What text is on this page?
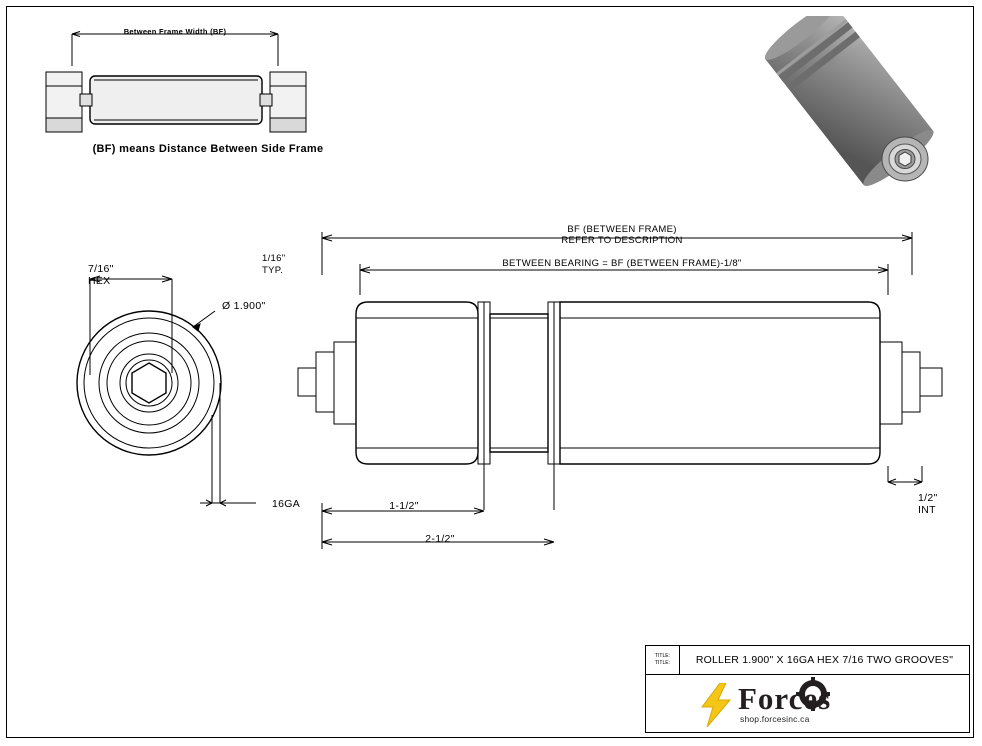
Between Frame Width (BF)
(BF) means Distance Between Side Frame
BF (BETWEEN FRAME)
REFER TO DESCRIPTION
BETWEEN BEARING = BF (BETWEEN FRAME)-1/8"
1/16"
TYP.
7/16"
HEX
Ø 1.900"
16GA	1-1/2"
2-1/2"
1/2"
INT
TITLE:
TITLE:	ROLLER 1.900" X 16GA HEX 7/16 TWO GROOVES"
Forces
shop.forcesinc.ca
